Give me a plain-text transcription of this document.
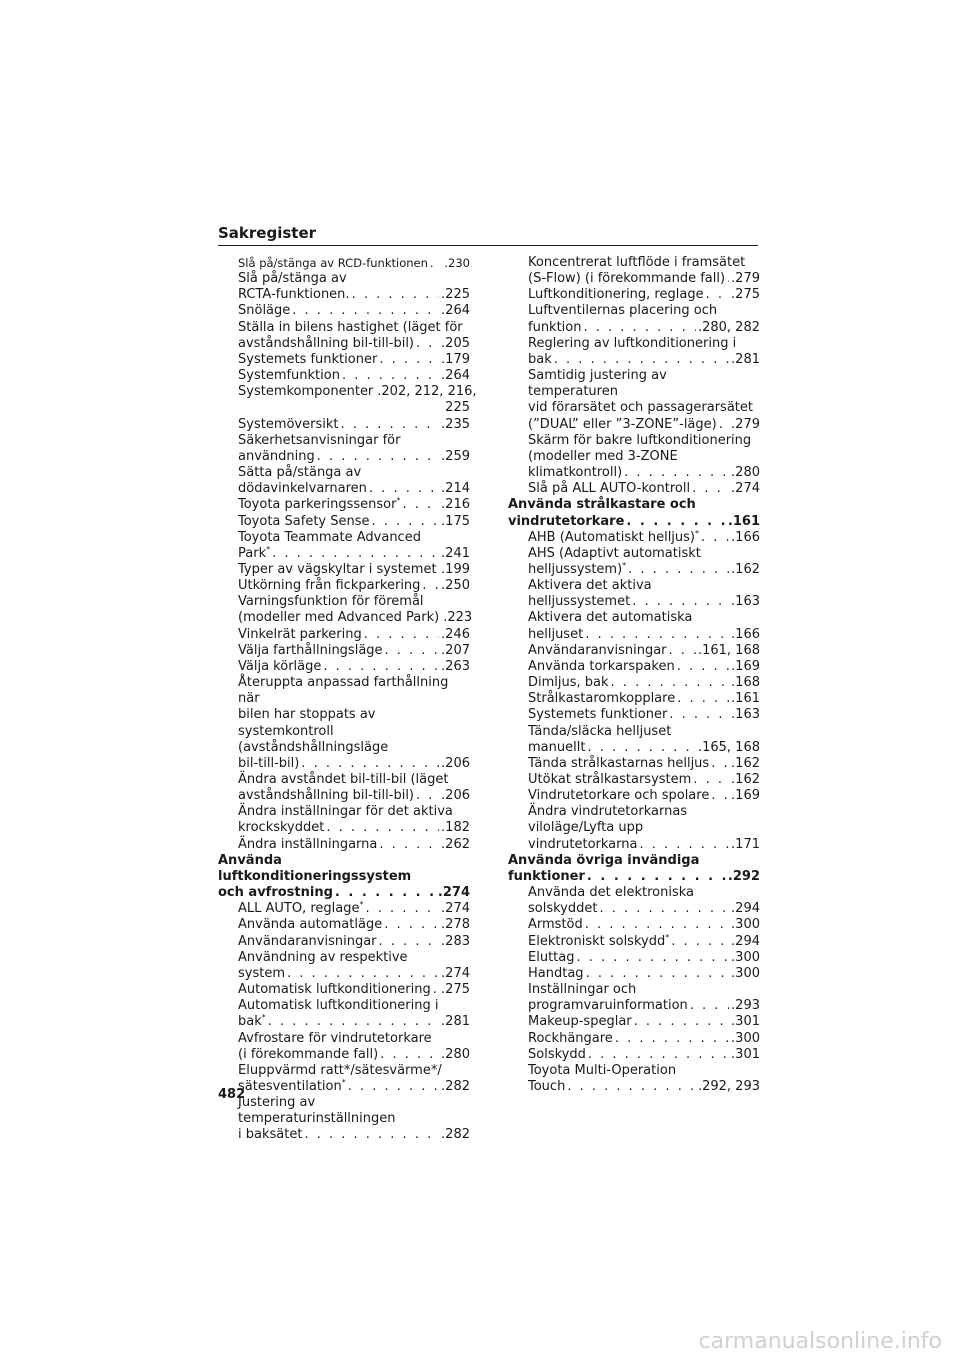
Sakregister
Slå på/stänga av RCD-funktionen . . . .230
Slå på/stänga av
RCTA-funktionen. . . .	.225
Snöläge . . .	.264
Ställa in bilens hastighet (läget för
avståndshållning bil-till-bil) . . . .205
Systemets funktioner . . .	.179
Systemfunktion . . .	.264
Systemkomponenter .202, 212, 216,
225
Systemöversikt . . .	.235
Säkerhetsanvisningar för
användning . . .	.259
Sätta på/stänga av
dödavinkelvarnaren . . .	.214
Toyota parkeringssensor* . . .	.216
Toyota Safety Sense . . .	.175
Toyota Teammate Advanced
Park* . . .	.241
Typer av vägskyltar i systemet . . . .199
Utkörning från fickparkering . . . .250
Varningsfunktion för föremål
(modeller med Advanced Park) .223
Vinkelrät parkering . . .	.246
Välja farthållningsläge . . .	.207
Välja körläge . . .	.263
Återuppta anpassad farthållning när
bilen har stoppats av systemkontroll
(avståndshållningsläge
bil-till-bil) . . .	.206
Ändra avståndet bil-till-bil (läget
avståndshållning bil-till-bil) . . . .206
Ändra inställningar för det aktiva
krockskyddet . . .	.182
Ändra inställningarna . . .	.262
Använda luftkonditioneringssystem
och avfrostning . . .	.274
ALL AUTO, reglage* . . .	.274
Använda automatläge . . .	.278
Användaranvisningar . . .	.283
Användning av respektive
system . . .	.274
Automatisk luftkonditionering . . . .275
Automatisk luftkonditionering i
bak* . . .	.281
Avfrostare för vindrutetorkare
(i förekommande fall) . . .	.280
Eluppvärmd ratt*/sätesvärme*/
sätesventilation* . . .	.282
Justering av temperaturinställningen
i baksätet . . .	.282
Koncentrerat luftflöde i framsätet
(S-Flow) (i förekommande fall) . . . .279
Luftkonditionering, reglage . . . .275
Luftventilernas placering och
funktion . . .	.280, 282
Reglering av luftkonditionering i
bak . . .	.281
Samtidig justering av temperaturen
vid förarsätet och passagerarsätet
(”DUAL” eller ”3-ZONE”-läge) . . . .279
Skärm för bakre luftkonditionering
(modeller med 3-ZONE
klimatkontroll) . . .	.280
Slå på ALL AUTO-kontroll . . .	.274
Använda strålkastare och
vindrutetorkare . . .	.161
AHB (Automatiskt helljus)* . . . .166
AHS (Adaptivt automatiskt
helljussystem)* . . .	.162
Aktivera det aktiva
helljussystemet . . .	.163
Aktivera det automatiska
helljuset . . .	.166
Användaranvisningar . . . .161, 168
Använda torkarspaken . . .	.169
Dimljus, bak . . .	.168
Strålkastaromkopplare . . .	.161
Systemets funktioner . . .	.163
Tända/släcka helljuset
manuellt . . .	.165, 168
Tända strålkastarnas helljus . . . .162
Utökat strålkastarsystem . . .	.162
Vindrutetorkare och spolare . . . .169
Ändra vindrutetorkarnas
viloläge/Lyfta upp
vindrutetorkarna . . .	.171
Använda övriga invändiga
funktioner . . .	.292
Använda det elektroniska
solskyddet . . .	.294
Armstöd . . .	.300
Elektroniskt solskydd* . . .	.294
Eluttag . . .	.300
Handtag . . .	.300
Inställningar och
programvaruinformation . . .	.293
Makeup-speglar . . .	.301
Rockhängare . . .	.300
Solskydd . . .	.301
Toyota Multi-Operation
Touch . . .	.292, 293
482
carmanualsonline.info
